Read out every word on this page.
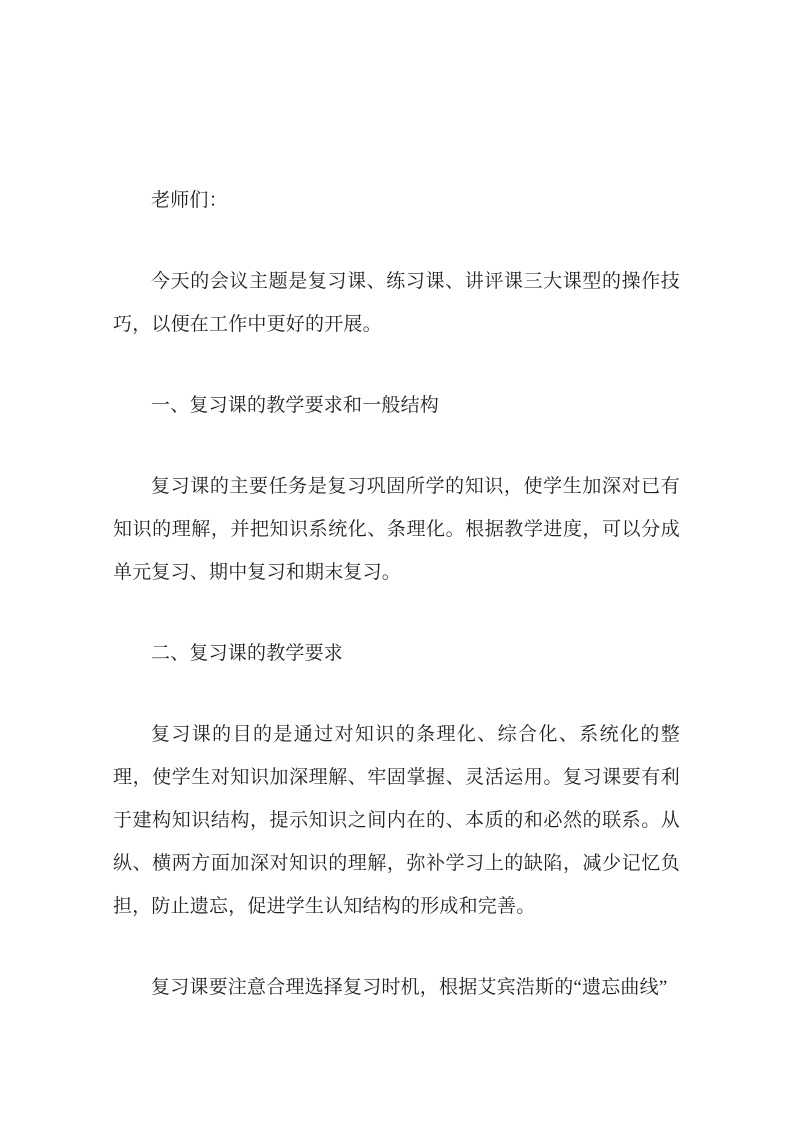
老师们：

今天的会议主题是复习课、练习课、讲评课三大课型的操作技巧，以便在工作中更好的开展。

一、复习课的教学要求和一般结构

复习课的主要任务是复习巩固所学的知识，使学生加深对已有知识的理解，并把知识系统化、条理化。根据教学进度，可以分成单元复习、期中复习和期末复习。

二、复习课的教学要求

复习课的目的是通过对知识的条理化、综合化、系统化的整理，使学生对知识加深理解、牢固掌握、灵活运用。复习课要有利于建构知识结构，提示知识之间内在的、本质的和必然的联系。从纵、横两方面加深对知识的理解，弥补学习上的缺陷，减少记忆负担，防止遗忘，促进学生认知结构的形成和完善。

复习课要注意合理选择复习时机，根据艾宾浩斯的“遗忘曲线”
